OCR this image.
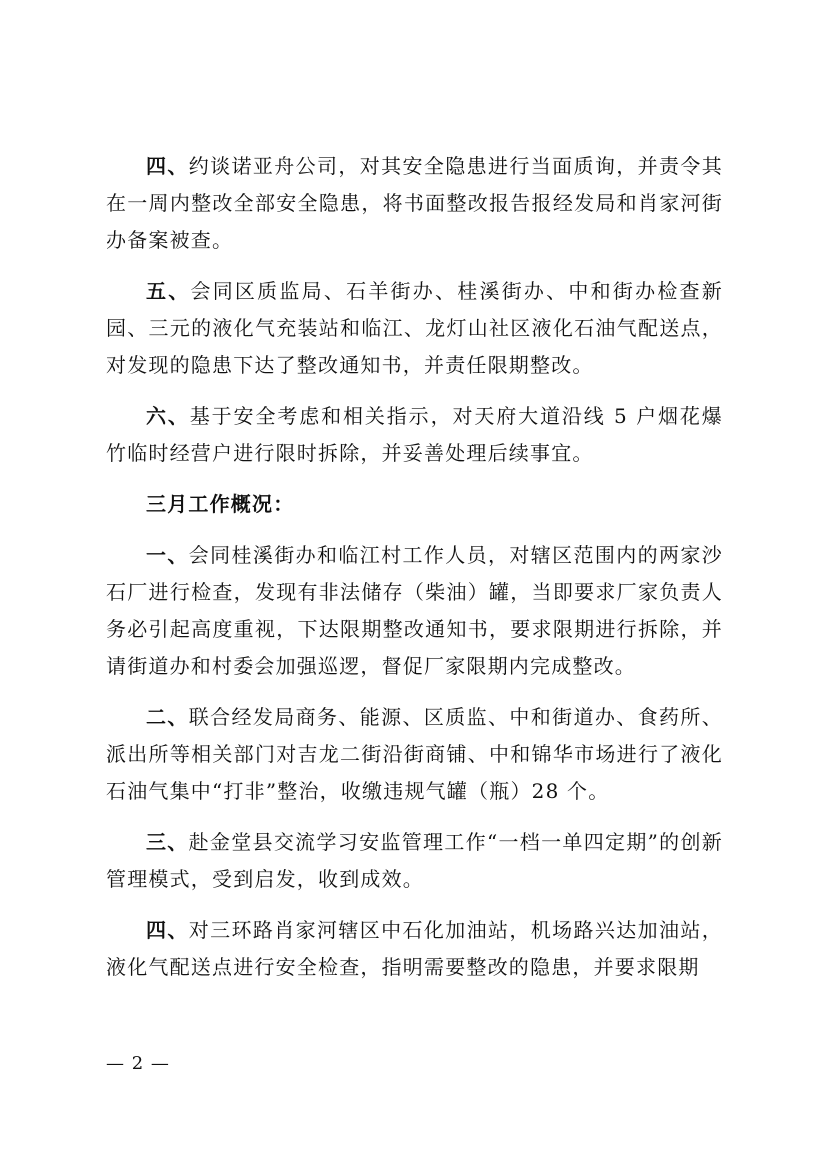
四、约谈诺亚舟公司，对其安全隐患进行当面质询，并责令其在一周内整改全部安全隐患，将书面整改报告报经发局和肖家河街办备案被查。

五、会同区质监局、石羊街办、桂溪街办、中和街办检查新园、三元的液化气充装站和临江、龙灯山社区液化石油气配送点，对发现的隐患下达了整改通知书，并责任限期整改。

六、基于安全考虑和相关指示，对天府大道沿线 5 户烟花爆竹临时经营户进行限时拆除，并妥善处理后续事宜。

三月工作概况：

一、会同桂溪街办和临江村工作人员，对辖区范围内的两家沙石厂进行检查，发现有非法储存（柴油）罐，当即要求厂家负责人务必引起高度重视，下达限期整改通知书，要求限期进行拆除，并请街道办和村委会加强巡逻，督促厂家限期内完成整改。

二、联合经发局商务、能源、区质监、中和街道办、食药所、派出所等相关部门对吉龙二街沿街商铺、中和锦华市场进行了液化石油气集中“打非”整治，收缴违规气罐（瓶）28 个。

三、赴金堂县交流学习安监管理工作“一档一单四定期”的创新管理模式，受到启发，收到成效。

四、对三环路肖家河辖区中石化加油站，机场路兴达加油站，液化气配送点进行安全检查，指明需要整改的隐患，并要求限期

— 2 —
